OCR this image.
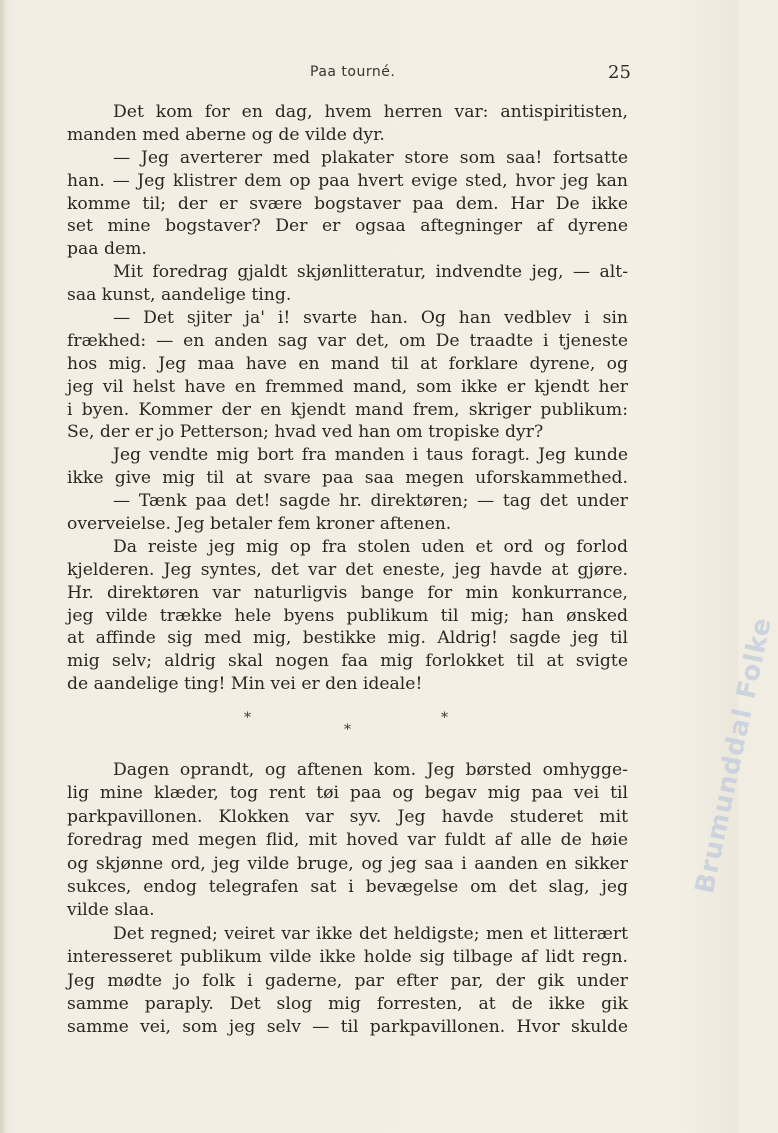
Paa tourné.	25
Det kom for en dag, hvem herren var: antispiritisten,
manden med aberne og de vilde dyr.
— Jeg averterer med plakater store som saa! fortsatte
han. — Jeg klistrer dem op paa hvert evige sted, hvor jeg kan
komme til; der er svære bogstaver paa dem. Har De ikke
set mine bogstaver? Der er ogsaa aftegninger af dyrene
paa dem.
Mit foredrag gjaldt skjønlitteratur, indvendte jeg, — alt-
saa kunst, aandelige ting.
— Det sjiter ja' i! svarte han. Og han vedblev i sin
frækhed: — en anden sag var det, om De traadte i tjeneste
hos mig. Jeg maa have en mand til at forklare dyrene, og
jeg vil helst have en fremmed mand, som ikke er kjendt her
i byen. Kommer der en kjendt mand frem, skriger publikum:
Se, der er jo Petterson; hvad ved han om tropiske dyr?
Jeg vendte mig bort fra manden i taus foragt. Jeg kunde
ikke give mig til at svare paa saa megen uforskammethed.
— Tænk paa det! sagde hr. direktøren; — tag det under
overveielse. Jeg betaler fem kroner aftenen.
Da reiste jeg mig op fra stolen uden et ord og forlod
kjelderen. Jeg syntes, det var det eneste, jeg havde at gjøre.
Hr. direktøren var naturligvis bange for min konkurrance,
jeg vilde trække hele byens publikum til mig; han ønsked
at affinde sig med mig, bestikke mig. Aldrig! sagde jeg til
mig selv; aldrig skal nogen faa mig forlokket til at svigte
de aandelige ting! Min vei er den ideale!
*	*
*
Dagen oprandt, og aftenen kom. Jeg børsted omhygge-
lig mine klæder, tog rent tøi paa og begav mig paa vei til
parkpavillonen. Klokken var syv. Jeg havde studeret mit
foredrag med megen flid, mit hoved var fuldt af alle de høie
og skjønne ord, jeg vilde bruge, og jeg saa i aanden en sikker
sukces, endog telegrafen sat i bevægelse om det slag, jeg
vilde slaa.
Det regned; veiret var ikke det heldigste; men et litterært
interesseret publikum vilde ikke holde sig tilbage af lidt regn.
Jeg mødte jo folk i gaderne, par efter par, der gik under
samme paraply. Det slog mig forresten, at de ikke gik
samme vei, som jeg selv — til parkpavillonen. Hvor skulde
Brumunddal Folke
